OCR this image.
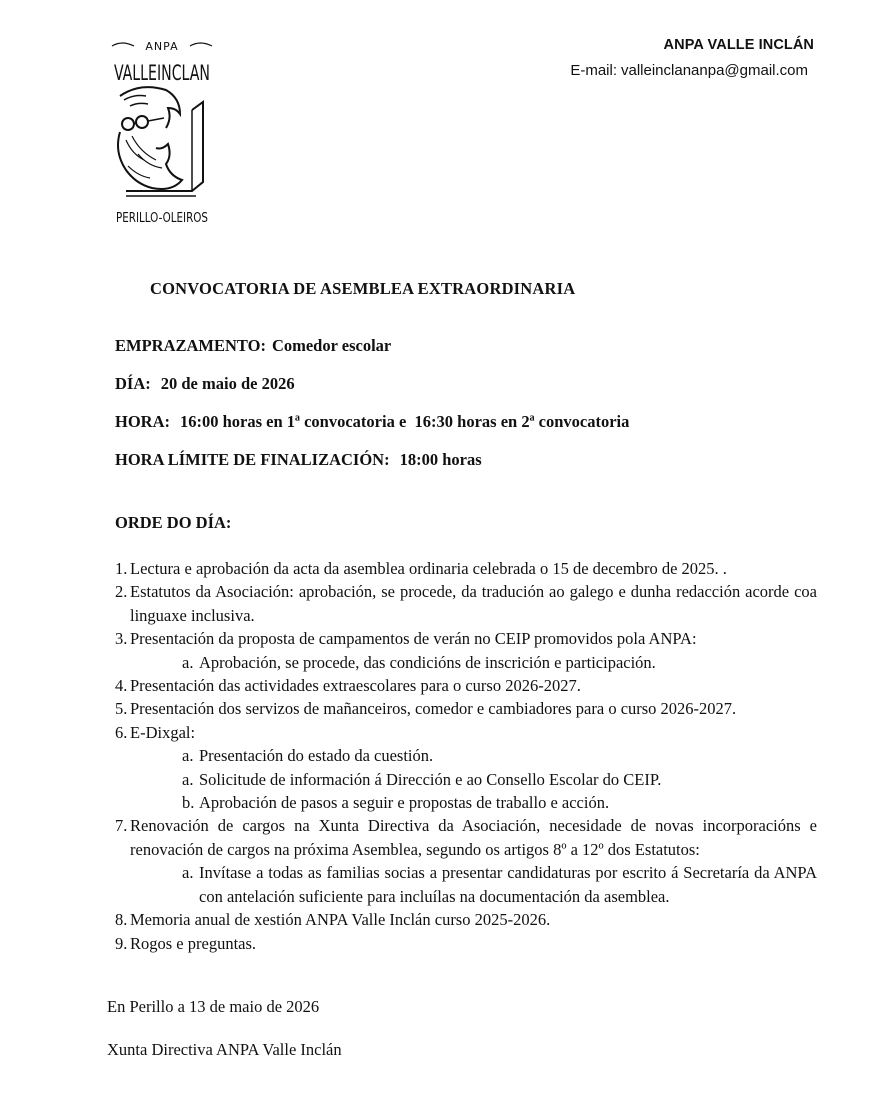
ANPA
VALLEINCLAN
PERILLO-OLEIROS
ANPA VALLE INCLÁN
E-mail: valleinclananpa@gmail.com
CONVOCATORIA DE ASEMBLEA EXTRAORDINARIA
EMPRAZAMENTO: Comedor escolar
DÍA: 20 de maio de 2026
HORA: 16:00 horas en 1ª convocatoria e  16:30 horas en 2ª convocatoria
HORA LÍMITE DE FINALIZACIÓN: 18:00 horas
ORDE DO DÍA:
1. Lectura e aprobación da acta da asemblea ordinaria celebrada o 15 de decembro de 2025. .
2. Estatutos da Asociación: aprobación, se procede, da tradución ao galego e dunha redacción acorde coa linguaxe inclusiva.
3. Presentación da proposta de campamentos de verán no CEIP promovidos pola ANPA:
a. Aprobación, se procede, das condicións de inscrición e participación.
4. Presentación das actividades extraescolares para o curso 2026-2027.
5. Presentación dos servizos de mañanceiros, comedor e cambiadores para o curso 2026-2027.
6. E-Dixgal:
a. Presentación do estado da cuestión.
a. Solicitude de información á Dirección e ao Consello Escolar do CEIP.
b. Aprobación de pasos a seguir e propostas de traballo e acción.
7. Renovación de cargos na Xunta Directiva da Asociación, necesidade de novas incorporacións e renovación de cargos na próxima Asemblea, segundo os artigos 8º a 12º dos Estatutos:
a. Invítase a todas as familias socias a presentar candidaturas por escrito á Secretaría da ANPA con antelación suficiente para incluílas na documentación da asemblea.
8. Memoria anual de xestión ANPA Valle Inclán curso 2025-2026.
9. Rogos e preguntas.
En Perillo a 13 de maio de 2026
Xunta Directiva ANPA Valle Inclán
